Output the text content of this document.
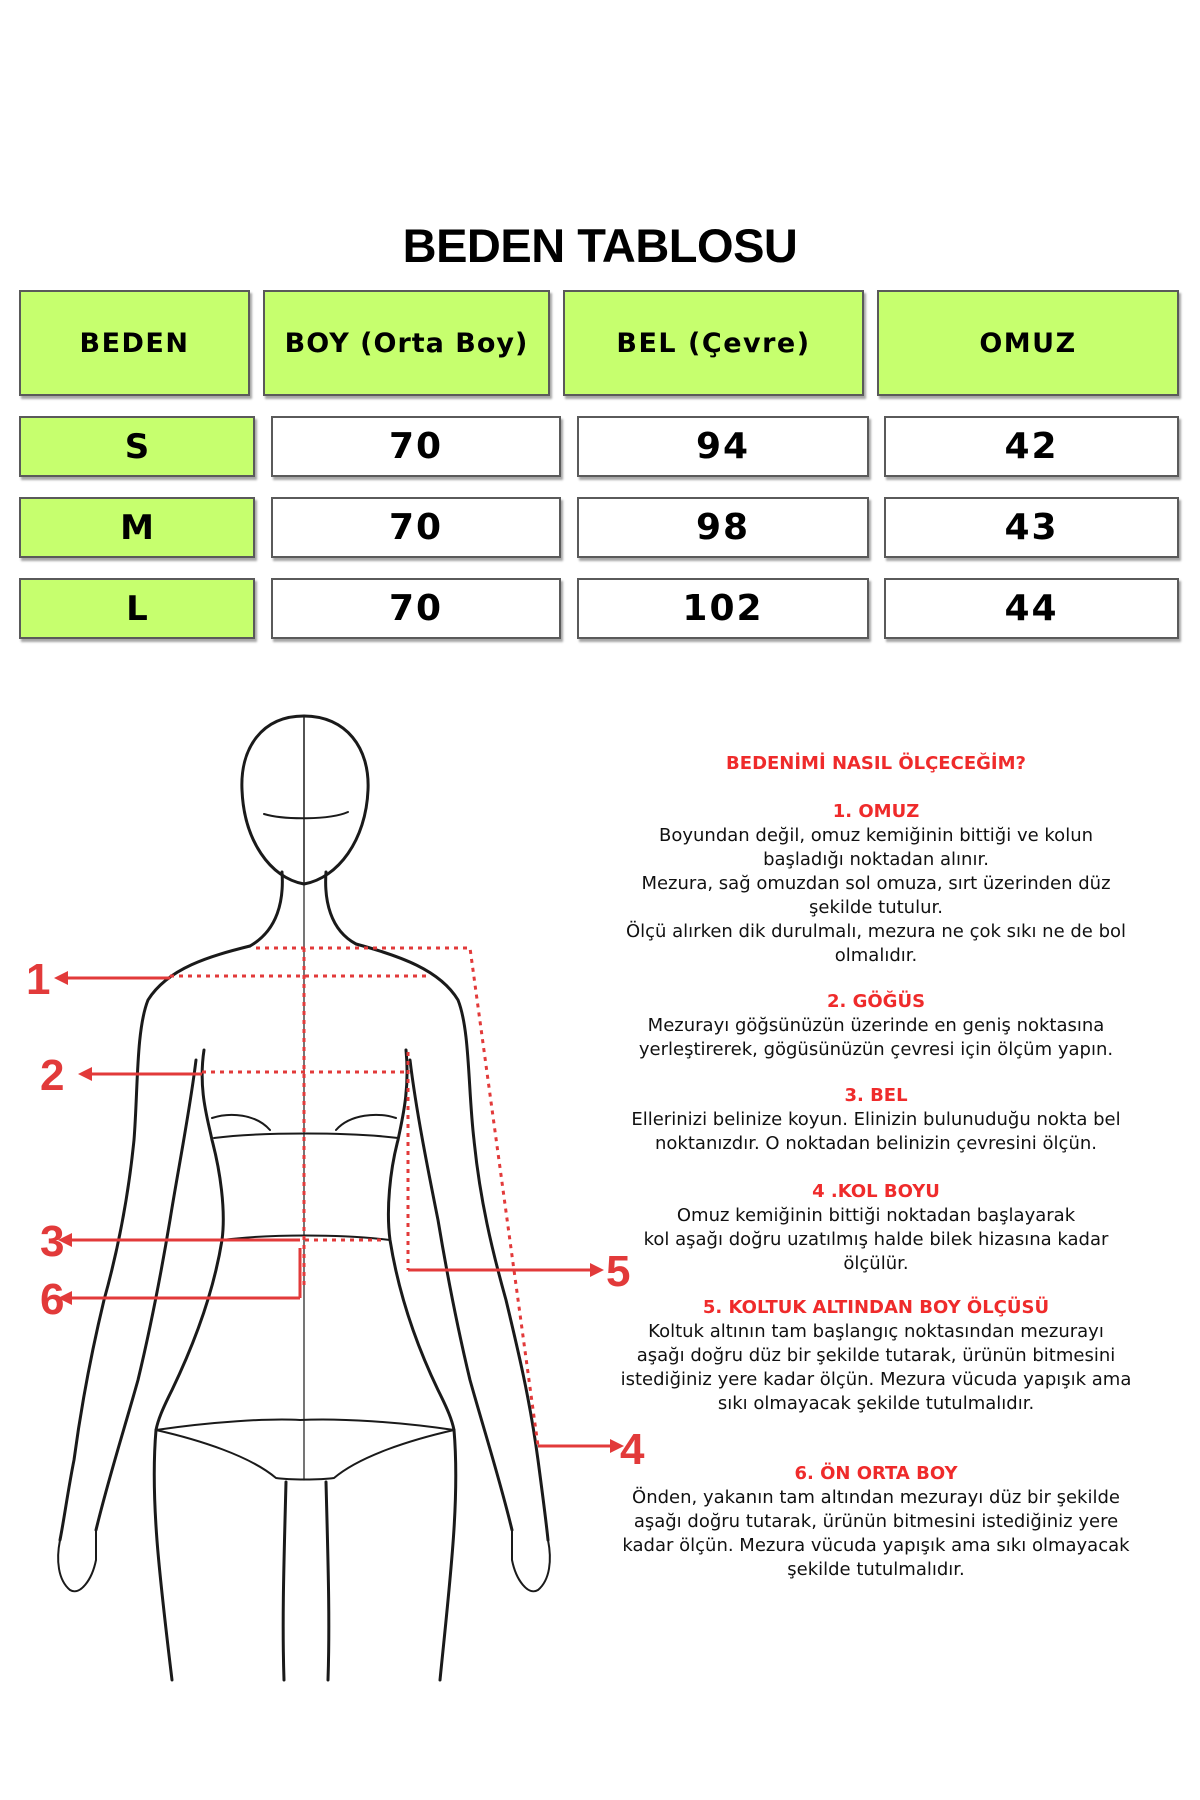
BEDEN TABLOSU
BEDEN	BOY (Orta Boy)	BEL (Çevre)	OMUZ
S	70	94	42
M	70	98	43
L	70	102	44
1
2
3
6
5
4

BEDENİMİ NASIL ÖLÇECEĞİM?

1. OMUZ

Boyundan değil, omuz kemiğinin bittiği ve kolun

başladığı noktadan alınır.

Mezura, sağ omuzdan sol omuza, sırt üzerinden düz

şekilde tutulur.

Ölçü alırken dik durulmalı, mezura ne çok sıkı ne de bol

olmalıdır.

2. GÖĞÜS

Mezurayı göğsünüzün üzerinde en geniş noktasına

yerleştirerek, gögüsünüzün çevresi için ölçüm yapın.

3. BEL

Ellerinizi belinize koyun. Elinizin bulunuduğu nokta bel

noktanızdır. O noktadan belinizin çevresini ölçün.

4 .KOL BOYU

Omuz kemiğinin bittiği noktadan başlayarak

kol aşağı doğru uzatılmış halde bilek hizasına kadar

ölçülür.

5. KOLTUK ALTINDAN BOY ÖLÇÜSÜ

Koltuk altının tam başlangıç noktasından mezurayı

aşağı doğru düz bir şekilde tutarak, ürünün bitmesini

istediğiniz yere kadar ölçün. Mezura vücuda yapışık ama

sıkı olmayacak şekilde tutulmalıdır.

6. ÖN ORTA BOY

Önden, yakanın tam altından mezurayı düz bir şekilde

aşağı doğru tutarak, ürünün bitmesini istediğiniz yere

kadar ölçün. Mezura vücuda yapışık ama sıkı olmayacak

şekilde tutulmalıdır.
